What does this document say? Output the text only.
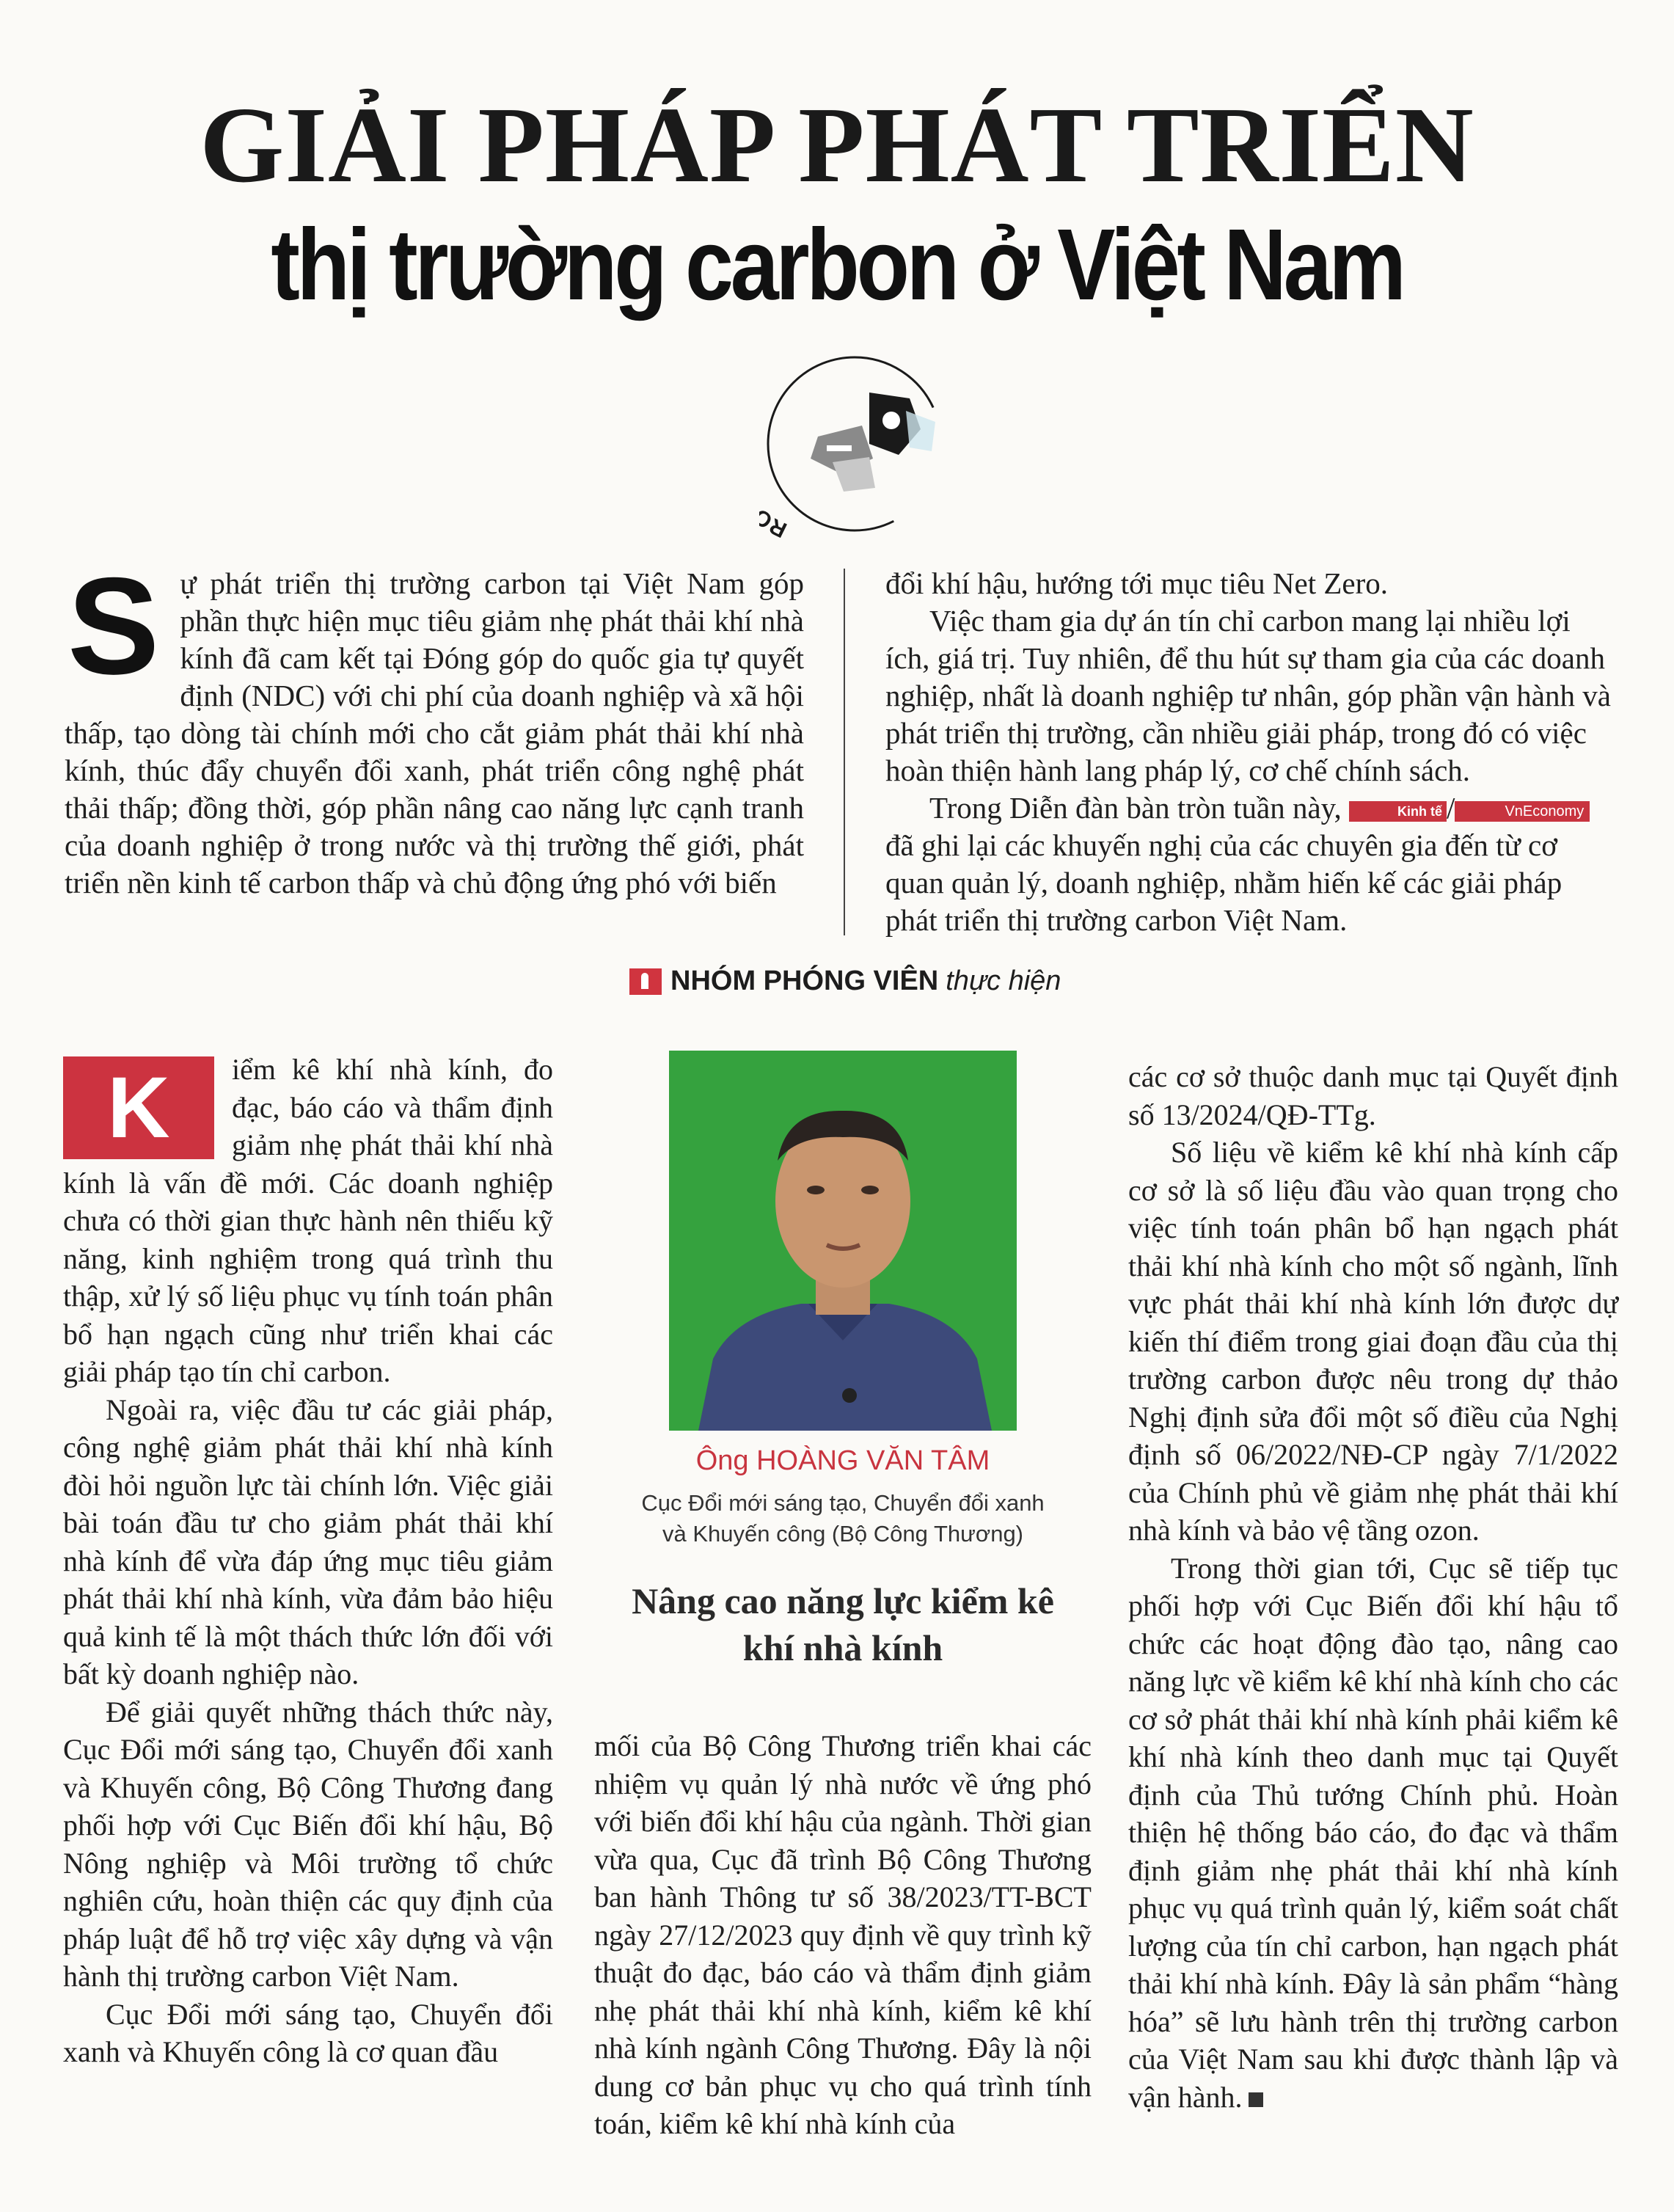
GIẢI PHÁP PHÁT TRIỂN
thị trường carbon ở Việt Nam
R
S ự phát triển thị trường carbon tại Việt Nam góp phần thực hiện mục tiêu giảm nhẹ phát thải khí nhà kính đã cam kết tại Đóng góp do quốc gia tự quyết định (NDC) với chi phí của doanh nghiệp và xã hội thấp, tạo dòng tài chính mới cho cắt giảm phát thải khí nhà kính, thúc đẩy chuyển đổi xanh, phát triển công nghệ phát thải thấp; đồng thời, góp phần nâng cao năng lực cạnh tranh của doanh nghiệp ở trong nước và thị trường thế giới, phát triển nền kinh tế carbon thấp và chủ động ứng phó với biến

đổi khí hậu, hướng tới mục tiêu Net Zero.

Việc tham gia dự án tín chỉ carbon mang lại nhiều lợi ích, giá trị. Tuy nhiên, để thu hút sự tham gia của các doanh nghiệp, nhất là doanh nghiệp tư nhân, góp phần vận hành và phát triển thị trường, cần nhiều giải pháp, trong đó có việc hoàn thiện hành lang pháp lý, cơ chế chính sách.

Trong Diễn đàn bàn tròn tuần này,	Kinh tế /	VnEconomy đã ghi lại các khuyến nghị của các chuyên gia đến từ cơ quan quản lý, doanh nghiệp, nhằm hiến kế các giải pháp phát triển thị trường carbon Việt Nam.

NHÓM PHÓNG VIÊN thực hiện

K	iểm kê khí nhà kính, đo đạc, báo cáo và thẩm định giảm nhẹ phát thải khí nhà kính là vấn đề mới. Các doanh nghiệp chưa có thời gian thực hành nên thiếu kỹ năng, kinh nghiệm trong quá trình thu thập, xử lý số liệu phục vụ tính toán phân bổ hạn ngạch cũng như triển khai các giải pháp tạo tín chỉ carbon.

Ngoài ra, việc đầu tư các giải pháp, công nghệ giảm phát thải khí nhà kính đòi hỏi nguồn lực tài chính lớn. Việc giải bài toán đầu tư cho giảm phát thải khí nhà kính để vừa đáp ứng mục tiêu giảm phát thải khí nhà kính, vừa đảm bảo hiệu quả kinh tế là một thách thức lớn đối với bất kỳ doanh nghiệp nào.

Để giải quyết những thách thức này, Cục Đổi mới sáng tạo, Chuyển đổi xanh và Khuyến công, Bộ Công Thương đang phối hợp với Cục Biến đổi khí hậu, Bộ Nông nghiệp và Môi trường tổ chức nghiên cứu, hoàn thiện các quy định của pháp luật để hỗ trợ việc xây dựng và vận hành thị trường carbon Việt Nam.

Cục Đổi mới sáng tạo, Chuyển đổi xanh và Khuyến công là cơ quan đầu

Ông HOÀNG VĂN TÂM
Cục Đổi mới sáng tạo, Chuyển đổi xanh
và Khuyến công (Bộ Công Thương)
Nâng cao năng lực kiểm kê
khí nhà kính

mối của Bộ Công Thương triển khai các nhiệm vụ quản lý nhà nước về ứng phó với biến đổi khí hậu của ngành. Thời gian vừa qua, Cục đã trình Bộ Công Thương ban hành Thông tư số 38/2023/TT-BCT ngày 27/12/2023 quy định về quy trình kỹ thuật đo đạc, báo cáo và thẩm định giảm nhẹ phát thải khí nhà kính, kiểm kê khí nhà kính ngành Công Thương. Đây là nội dung cơ bản phục vụ cho quá trình tính toán, kiểm kê khí nhà kính của

các cơ sở thuộc danh mục tại Quyết định số 13/2024/QĐ-TTg.

Số liệu về kiểm kê khí nhà kính cấp cơ sở là số liệu đầu vào quan trọng cho việc tính toán phân bổ hạn ngạch phát thải khí nhà kính cho một số ngành, lĩnh vực phát thải khí nhà kính lớn được dự kiến thí điểm trong giai đoạn đầu của thị trường carbon được nêu trong dự thảo Nghị định sửa đổi một số điều của Nghị định số 06/2022/NĐ-CP ngày 7/1/2022 của Chính phủ về giảm nhẹ phát thải khí nhà kính và bảo vệ tầng ozon.

Trong thời gian tới, Cục sẽ tiếp tục phối hợp với Cục Biến đổi khí hậu tổ chức các hoạt động đào tạo, nâng cao năng lực về kiểm kê khí nhà kính cho các cơ sở phát thải khí nhà kính phải kiểm kê khí nhà kính theo danh mục tại Quyết định của Thủ tướng Chính phủ. Hoàn thiện hệ thống báo cáo, đo đạc và thẩm định giảm nhẹ phát thải khí nhà kính phục vụ quá trình quản lý, kiểm soát chất lượng của tín chỉ carbon, hạn ngạch phát thải khí nhà kính. Đây là sản phẩm “hàng hóa” sẽ lưu hành trên thị trường carbon của Việt Nam sau khi được thành lập và vận hành.
